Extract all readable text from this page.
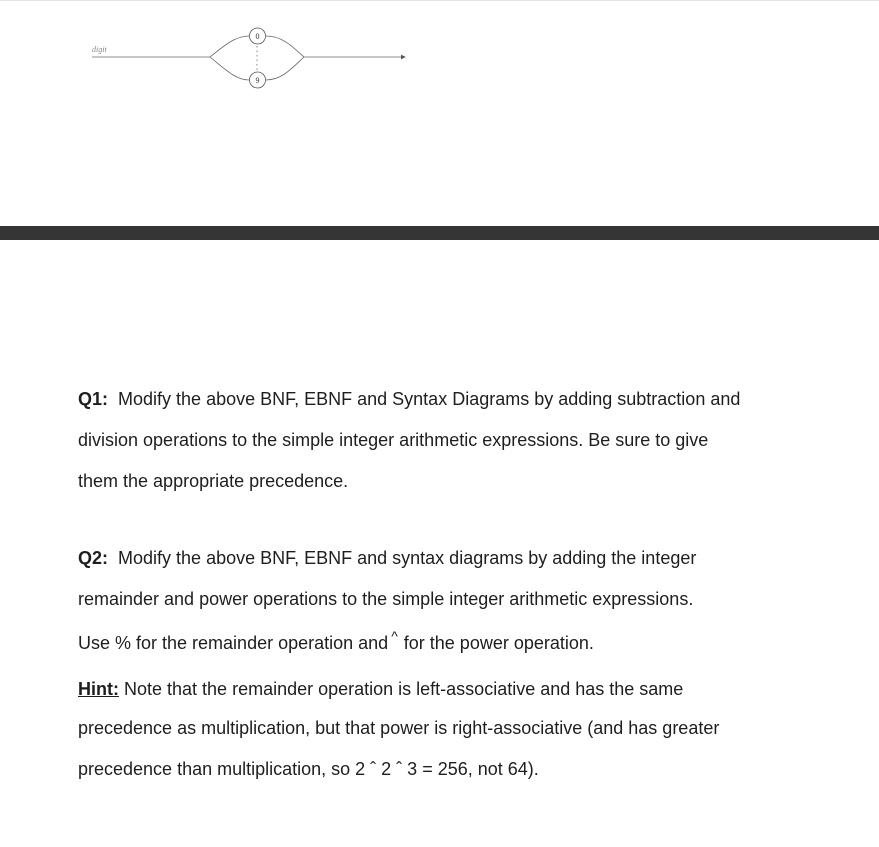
digit
0
9
Q1: Modify the above BNF, EBNF and Syntax Diagrams by adding subtraction and
division operations to the simple integer arithmetic expressions. Be sure to give
them the appropriate precedence.
Q2: Modify the above BNF, EBNF and syntax diagrams by adding the integer
remainder and power operations to the simple integer arithmetic expressions.
Use % for the remainder operation and ^ for the power operation.
Hint: Note that the remainder operation is left-associative and has the same
precedence as multiplication, but that power is right-associative (and has greater
precedence than multiplication, so 2 ˆ 2 ˆ 3 = 256, not 64).
